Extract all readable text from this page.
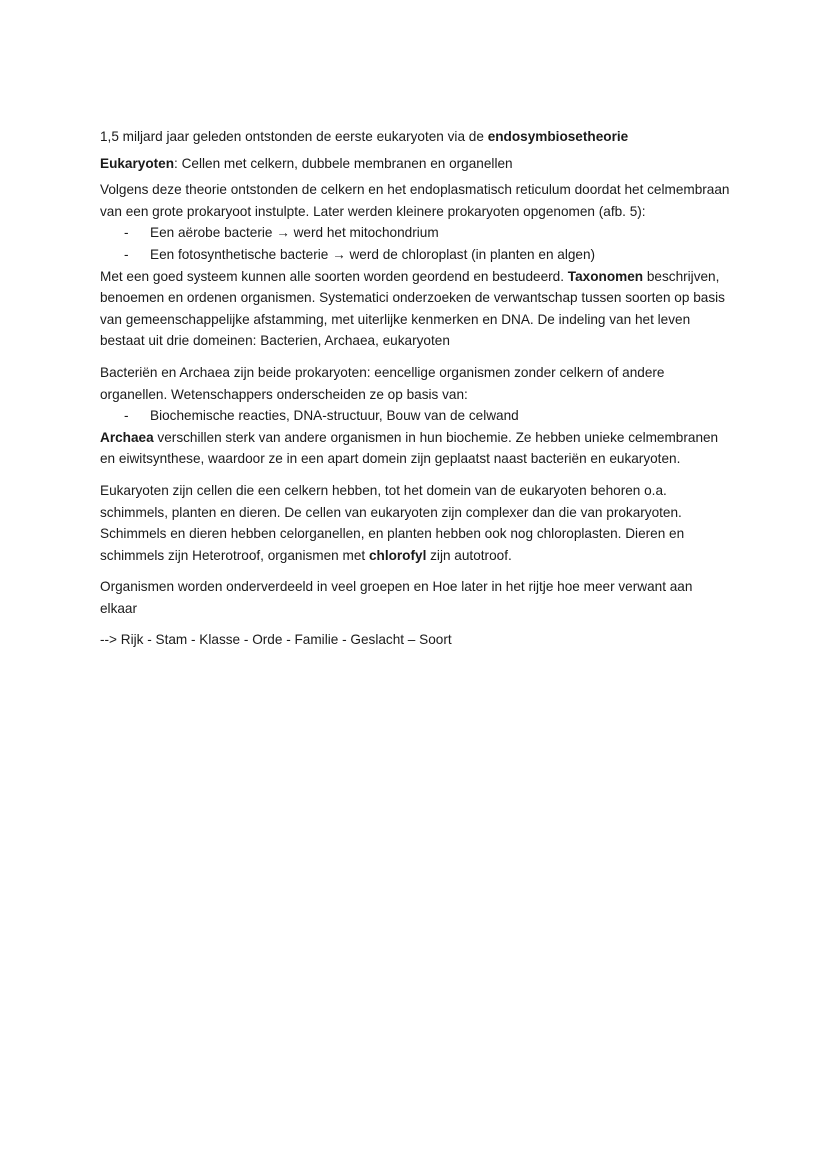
1,5 miljard jaar geleden ontstonden de eerste eukaryoten via de endosymbiosetheorie

Eukaryoten: Cellen met celkern, dubbele membranen en organellen

Volgens deze theorie ontstonden de celkern en het endoplasmatisch reticulum doordat het celmembraan van een grote prokaryoot instulpte. Later werden kleinere prokaryoten opgenomen (afb. 5):

- Een aërobe bacterie → werd het mitochondrium
- Een fotosynthetische bacterie → werd de chloroplast (in planten en algen)

Met een goed systeem kunnen alle soorten worden geordend en bestudeerd. Taxonomen beschrijven, benoemen en ordenen organismen. Systematici onderzoeken de verwantschap tussen soorten op basis van gemeenschappelijke afstamming, met uiterlijke kenmerken en DNA. De indeling van het leven bestaat uit drie domeinen: Bacterien, Archaea, eukaryoten

Bacteriën en Archaea zijn beide prokaryoten: eencellige organismen zonder celkern of andere organellen. Wetenschappers onderscheiden ze op basis van:

- Biochemische reacties, DNA-structuur, Bouw van de celwand

Archaea verschillen sterk van andere organismen in hun biochemie. Ze hebben unieke celmembranen en eiwitsynthese, waardoor ze in een apart domein zijn geplaatst naast bacteriën en eukaryoten.

Eukaryoten zijn cellen die een celkern hebben, tot het domein van de eukaryoten behoren o.a. schimmels, planten en dieren. De cellen van eukaryoten zijn complexer dan die van prokaryoten. Schimmels en dieren hebben celorganellen, en planten hebben ook nog chloroplasten. Dieren en schimmels zijn Heterotroof, organismen met chlorofyl zijn autotroof.

Organismen worden onderverdeeld in veel groepen en Hoe later in het rijtje hoe meer verwant aan elkaar

--> Rijk - Stam - Klasse - Orde - Familie - Geslacht – Soort
